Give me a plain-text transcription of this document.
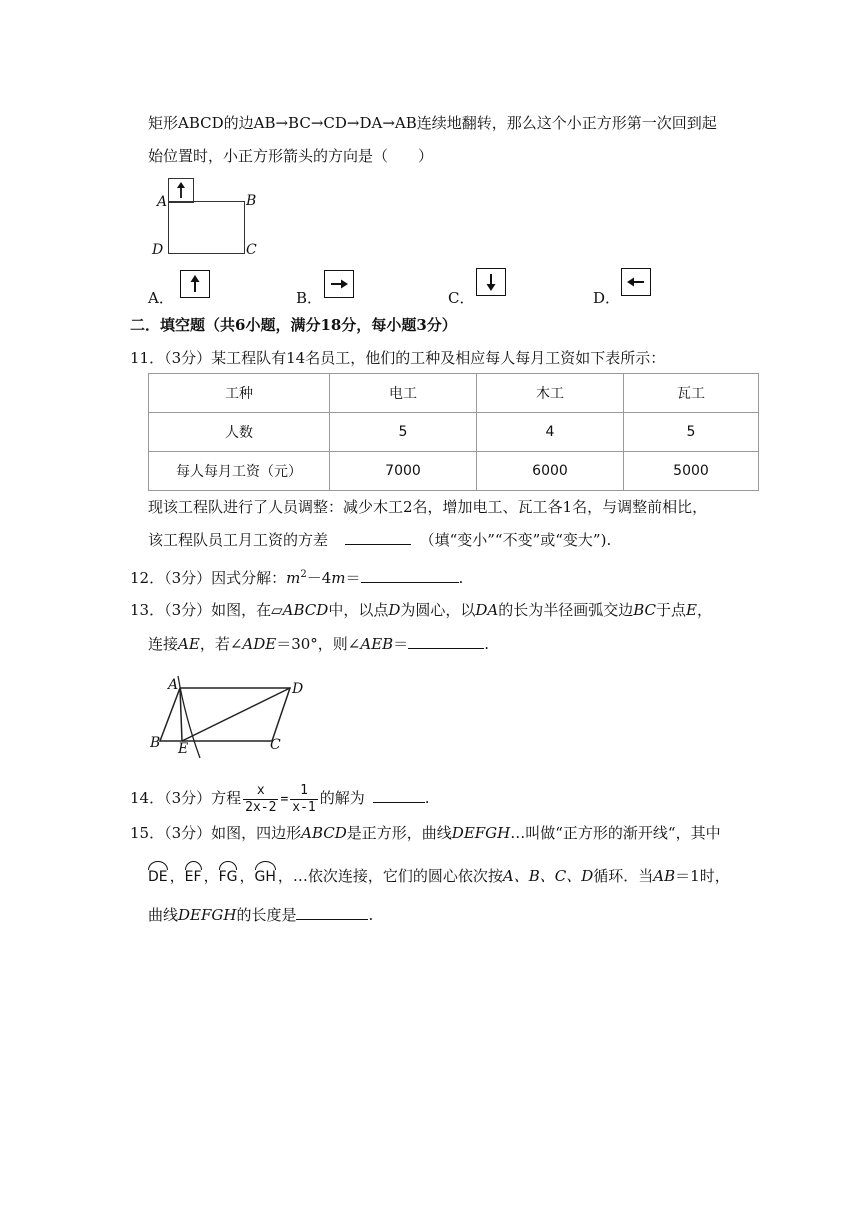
矩形ABCD的边AB→BC→CD→DA→AB连续地翻转，那么这个小正方形第一次回到起
始位置时，小正方形箭头的方向是（　　）
A	B
D	C
A．	B．	C．	D．
二．填空题（共6小题，满分18分，每小题3分）
11．（3分）某工程队有14名员工，他们的工种及相应每人每月工资如下表所示：
工种	电工	木工	瓦工
人数	5	4	5
每人每月工资（元）	7000	6000	5000
现该工程队进行了人员调整：减少木工2名，增加电工、瓦工各1名，与调整前相比，
该工程队员工月工资的方差	（填“变小”“不变”或“变大”).
12．（3分）因式分解：$m^2-4m=$	.
13．（3分）如图，在▱ABCD中，以点D为圆心，以DA的长为半径画弧交边BC于点E，
连接AE，若∠ADE＝30°，则∠AEB＝	.
A	D
B E	C
14．（3分）方程 $\frac{x}{2x-2} = \frac{1}{x-1}$ 的解为	.
15．（3分）如图，四边形ABCD是正方形，曲线DEFGH…叫做“正方形的渐开线“，其中
DE ，EF ，FG ，GH ，…依次连接，它们的圆心依次按A、B、C、D循环．当AB＝1时，
曲线DEFGH的长度是	.
